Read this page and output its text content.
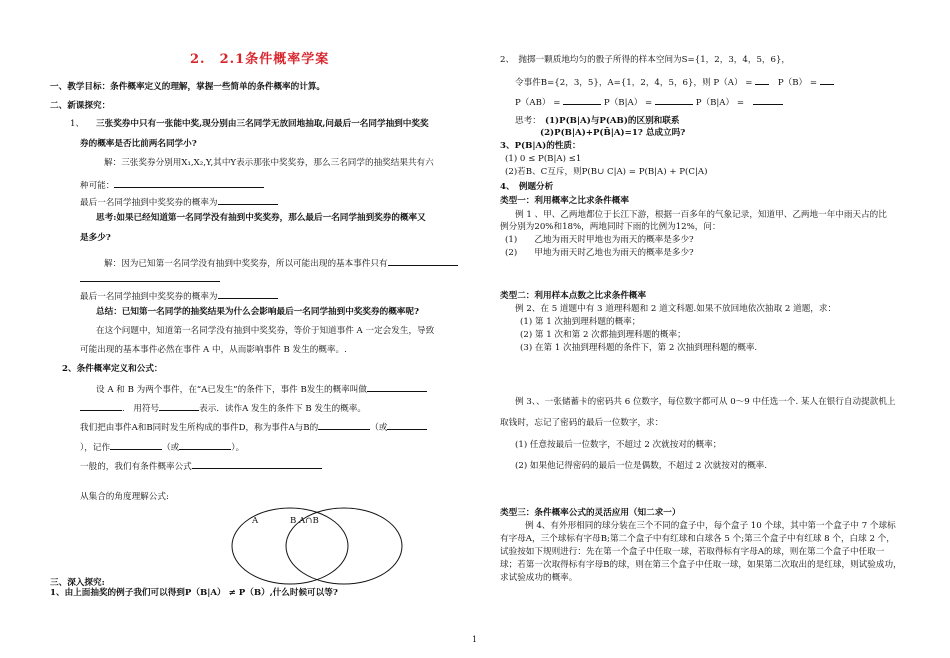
2.　2.1条件概率学案
一、教学目标：条件概率定义的理解，掌握一些简单的条件概率的计算。
二、新课探究：
1、 三张奖券中只有一张能中奖,现分别由三名同学无放回地抽取,问最后一名同学抽到中奖奖
券的概率是否比前两名同学小?
解：三张奖券分别用X₁,X₂,Y,其中Y表示那张中奖奖券，那么三名同学的抽奖结果共有六
种可能：
最后一名同学抽到中奖奖券的概率为
思考:如果已经知道第一名同学没有抽到中奖奖券，那么最后一名同学抽到奖券的概率又
是多少?
解：因为已知第一名同学没有抽到中奖奖券，所以可能出现的基本事件只有
最后一名同学抽到中奖奖券的概率为
总结：已知第一名同学的抽奖结果为什么会影响最后一名同学抽到中奖奖券的概率呢?
在这个问题中，知道第一名同学没有抽到中奖奖券，等价于知道事件 A 一定会发生，导致
可能出现的基本事件必然在事件 A 中，从而影响事件 B 发生的概率。.
2、条件概率定义和公式：
设 A 和 B 为两个事件，在“A已发生”的条件下，事件 B发生的概率叫做
.　 用符号	表示．读作A 发生的条件下 B 发生的概率。
我们把由事件A和B同时发生所构成的事件D，称为事件A与B的	（或
），记作	（或	）。
一般的，我们有条件概率公式
从集合的角度理解公式:
A	B A∩B
三、深入探究:
1、由上面抽奖的例子我们可以得到P（B|A） ≠ P（B）,什么时候可以等?
2、　抛掷一颗质地均匀的骰子所得的样本空间为S={1，2，3，4，5，6}，
令事件B={2，3，5}，A={1，2，4，5，6}，则 P（A） = 　	P（B） =
P（AB） =	P（B|A） =	P（B|A） =　
思考： (1)P(B|A)与P(AB)的区别和联系
(2)P(B|A)+P(B̄|A)=1? 总成立吗?
3、P(B|A)的性质：
(1) 0 ≤ P(B|A) ≤1
(2)若B、C互斥，则P(B∪ C|A) = P(B|A) + P(C|A)
4、　例题分析
类型一：利用概率之比求条件概率
例 1 、甲、乙两地都位于长江下游，根据一百多年的气象记录，知道甲、乙两地一年中雨天占的比
例分别为20%和18%，两地同时下雨的比例为12%，问：
(1)　　乙地为雨天时甲地也为雨天的概率是多少?
(2)　　甲地为雨天时乙地也为雨天的概率是多少?
类型二：利用样本点数之比求条件概率
例 2、在 5 道题中有 3 道理科题和 2 道文科题.如果不放回地依次抽取 2 道题，求：
(1) 第 1 次抽到理科题的概率；
(2) 第 1 次和第 2 次都抽到理科题的概率；
(3) 在第 1 次抽到理科题的条件下，第 2 次抽到理科题的概率.
例 3、、一张储蓄卡的密码共 6 位数字，每位数字都可从 0～9 中任选一个. 某人在银行自动提款机上
取钱时，忘记了密码的最后一位数字，求：
(1) 任意按最后一位数字，不超过 2 次就按对的概率；
(2) 如果他记得密码的最后一位是偶数，不超过 2 次就按对的概率.
类型三：条件概率公式的灵活应用（知二求一）
例 4、有外形相同的球分装在三个不同的盒子中，每个盒子 10 个球，其中第一个盒子中 7 个球标
有字母A，三个球标有字母B;第二个盒子中有红球和白球各 5 个;第三个盒子中有红球 8 个，白球 2 个，
试验按如下规则进行：先在第一个盒子中任取一球，若取得标有字母A的球，则在第二个盒子中任取一
球；若第一次取得标有字母B的球，则在第三个盒子中任取一球，如果第二次取出的是红球，则试验成功，
求试验成功的概率。
1
